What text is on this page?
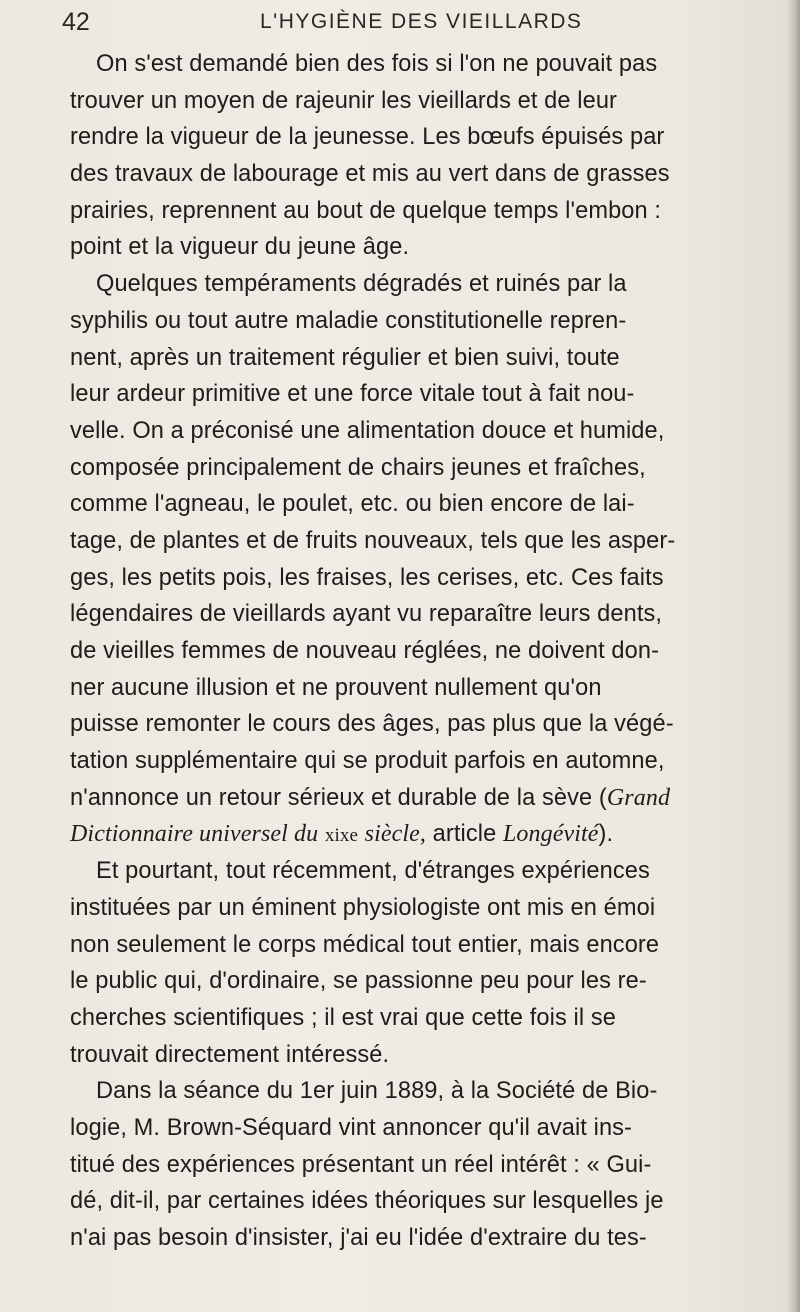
42	L'HYGIÈNE DES VIEILLARDS
On s'est demandé bien des fois si l'on ne pouvait pas
trouver un moyen de rajeunir les vieillards et de leur
rendre la vigueur de la jeunesse. Les bœufs épuisés par
des travaux de labourage et mis au vert dans de grasses
prairies, reprennent au bout de quelque temps l'embon :
point et la vigueur du jeune âge.
Quelques tempéraments dégradés et ruinés par la
syphilis ou tout autre maladie constitutionelle repren-
nent, après un traitement régulier et bien suivi, toute
leur ardeur primitive et une force vitale tout à fait nou-
velle. On a préconisé une alimentation douce et humide,
composée principalement de chairs jeunes et fraîches,
comme l'agneau, le poulet, etc. ou bien encore de lai-
tage, de plantes et de fruits nouveaux, tels que les asper-
ges, les petits pois, les fraises, les cerises, etc. Ces faits
légendaires de vieillards ayant vu reparaître leurs dents,
de vieilles femmes de nouveau réglées, ne doivent don-
ner aucune illusion et ne prouvent nullement qu'on
puisse remonter le cours des âges, pas plus que la végé-
tation supplémentaire qui se produit parfois en automne,
n'annonce un retour sérieux et durable de la sève (Grand
Dictionnaire universel du xixe siècle, article Longévité).
Et pourtant, tout récemment, d'étranges expériences
instituées par un éminent physiologiste ont mis en émoi
non seulement le corps médical tout entier, mais encore
le public qui, d'ordinaire, se passionne peu pour les re-
cherches scientifiques ; il est vrai que cette fois il se
trouvait directement intéressé.
Dans la séance du 1er juin 1889, à la Société de Bio-
logie, M. Brown-Séquard vint annoncer qu'il avait ins-
titué des expériences présentant un réel intérêt : « Gui-
dé, dit-il, par certaines idées théoriques sur lesquelles je
n'ai pas besoin d'insister, j'ai eu l'idée d'extraire du tes-
